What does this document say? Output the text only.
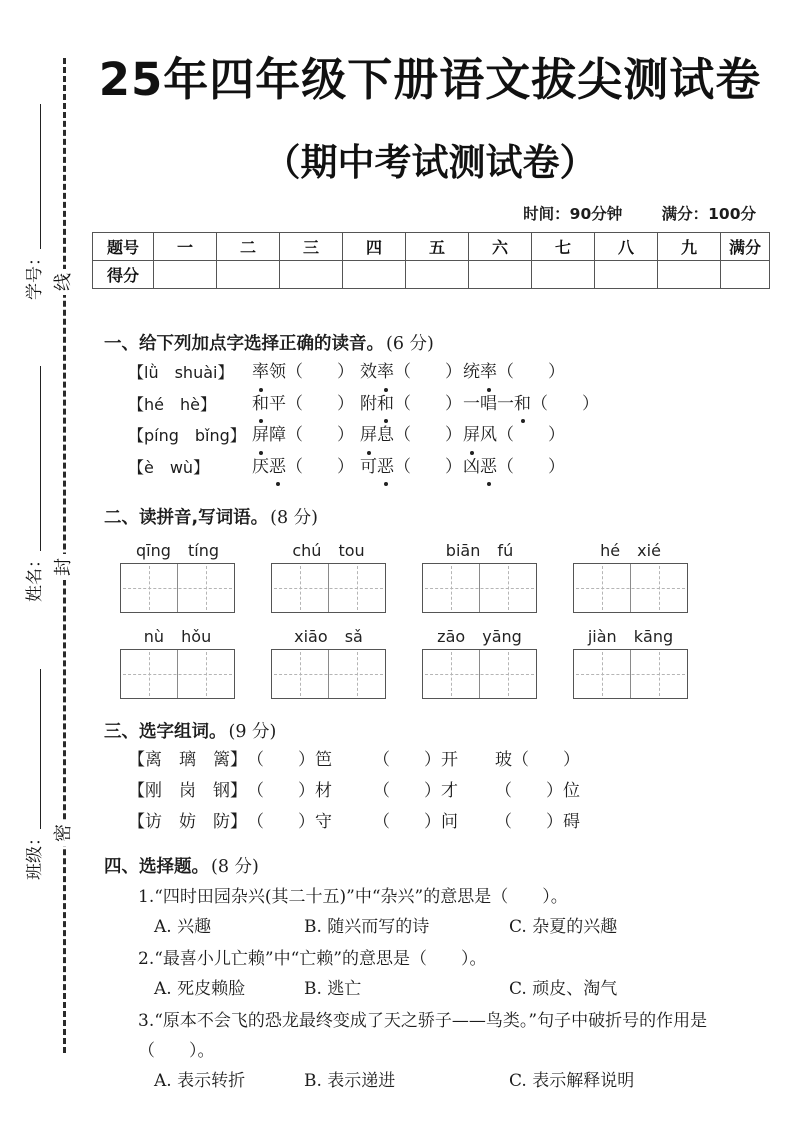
学号：
姓名：
班级：
线
封
密
25年四年级下册语文拔尖测试卷
（期中考试测试卷）
时间：90分钟	满分：100分
题号	一	二	三	四	五	六	七	八	九	满分
得分										
一、给下列加点字选择正确的读音。 (6 分)
【lǜ　shuài】	率领（　　） 效率（　　） 统率（　　）
【hé　hè】	和平（　　） 附和（　　） 一唱一和（　　）
【píng　bǐng】 屏障（　　） 屏息（　　） 屏风（　　）
【è　wù】	厌恶（　　） 可恶（　　） 凶恶（　　）
二、读拼音,写词语。 (8 分)
qīng tíng	chú tou	biān fú	hé xié
nù hǒu	xiāo sǎ	zāo yāng	jiàn kāng
三、选字组词。 (9 分)
【离　璃　篱】 （　　）笆	（　　）开	玻（　　）
【刚　岗　钢】 （　　）材	（　　）才	（　　）位
【访　妨　防】 （　　）守	（　　）问	（　　）碍
四、选择题。 (8 分)
1.“四时田园杂兴(其二十五)”中“杂兴”的意思是（　　）。
A. 兴趣	B. 随兴而写的诗	C. 杂夏的兴趣
2.“最喜小儿亡赖”中“亡赖”的意思是（　　）。
A. 死皮赖脸	B. 逃亡	C. 顽皮、淘气
3.“原本不会飞的恐龙最终变成了天之骄子——鸟类。”句子中破折号的作用是（　　）。
A. 表示转折	B. 表示递进	C. 表示解释说明
